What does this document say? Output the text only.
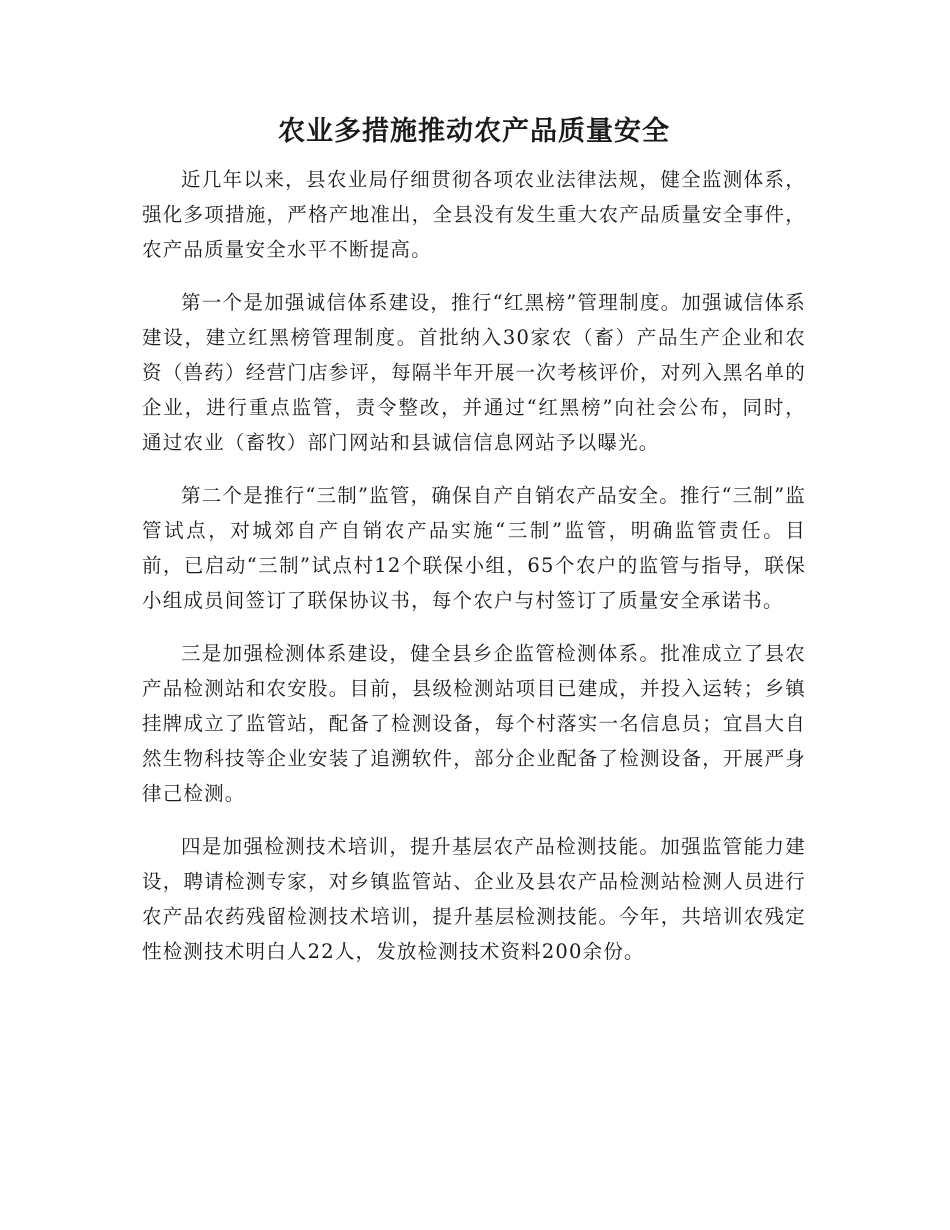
农业多措施推动农产品质量安全

近几年以来，县农业局仔细贯彻各项农业法律法规，健全监测体系，强化多项措施，严格产地准出，全县没有发生重大农产品质量安全事件，农产品质量安全水平不断提高。

第一个是加强诚信体系建设，推行“红黑榜”管理制度。加强诚信体系建设，建立红黑榜管理制度。首批纳入30家农（畜）产品生产企业和农资（兽药）经营门店参评，每隔半年开展一次考核评价，对列入黑名单的企业，进行重点监管，责令整改，并通过“红黑榜”向社会公布，同时，通过农业（畜牧）部门网站和县诚信信息网站予以曝光。

第二个是推行“三制”监管，确保自产自销农产品安全。推行“三制”监管试点，对城郊自产自销农产品实施“三制”监管，明确监管责任。目前，已启动“三制”试点村12个联保小组，65个农户的监管与指导，联保小组成员间签订了联保协议书，每个农户与村签订了质量安全承诺书。

三是加强检测体系建设，健全县乡企监管检测体系。批准成立了县农产品检测站和农安股。目前，县级检测站项目已建成，并投入运转；乡镇挂牌成立了监管站，配备了检测设备，每个村落实一名信息员；宜昌大自然生物科技等企业安装了追溯软件，部分企业配备了检测设备，开展严身律己检测。

四是加强检测技术培训，提升基层农产品检测技能。加强监管能力建设，聘请检测专家，对乡镇监管站、企业及县农产品检测站检测人员进行农产品农药残留检测技术培训，提升基层检测技能。今年，共培训农残定性检测技术明白人22人，发放检测技术资料200余份。
